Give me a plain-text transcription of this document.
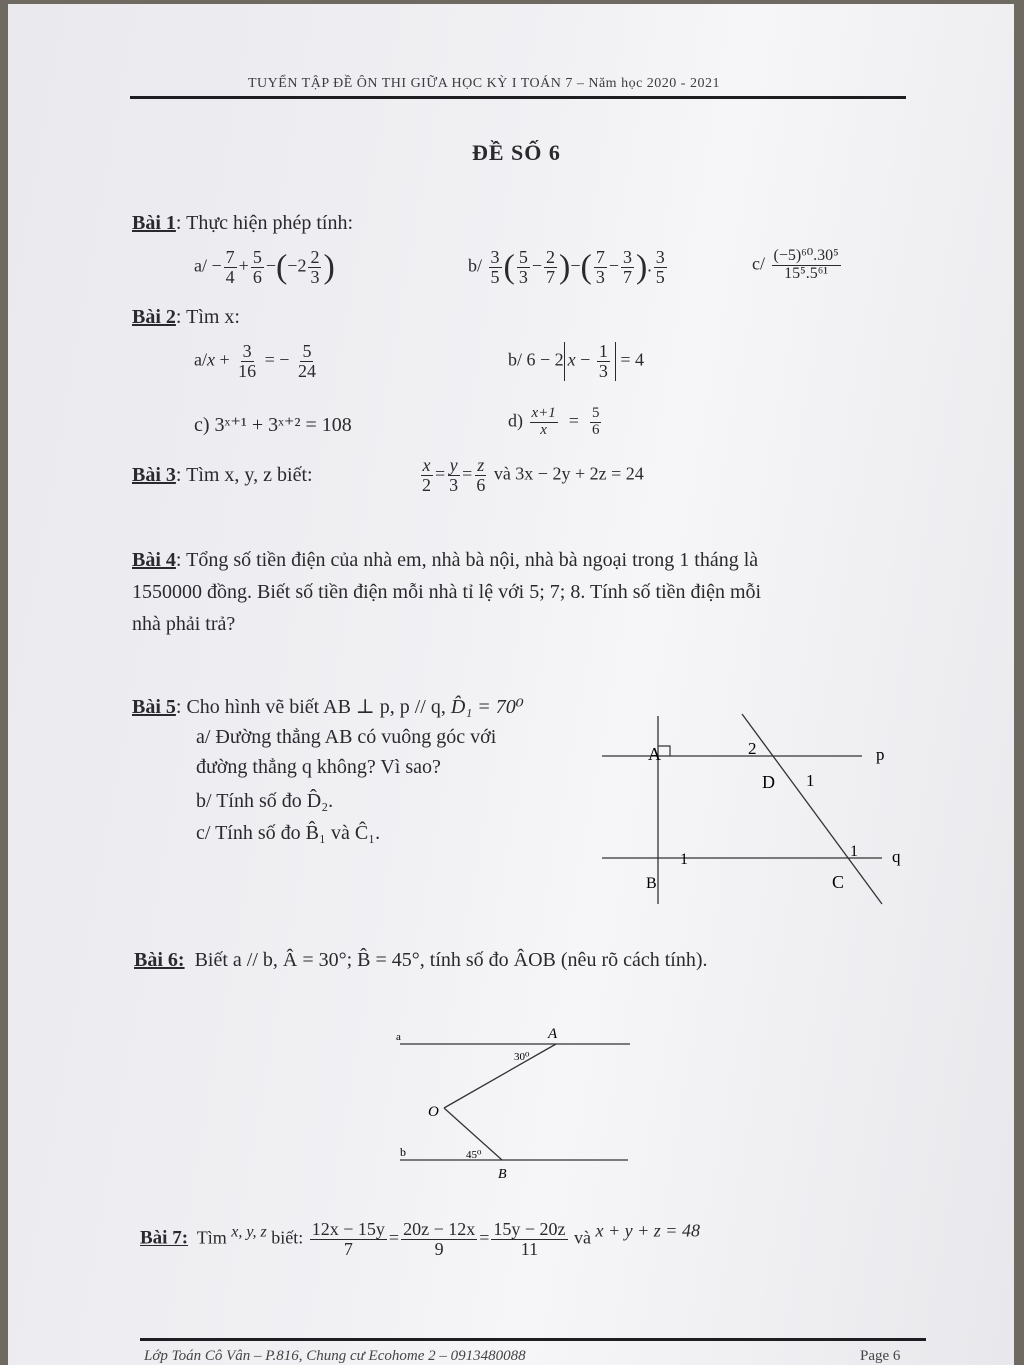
TUYỂN TẬP ĐỀ ÔN THI GIỮA HỌC KỲ I TOÁN 7 – Năm học 2020 - 2021
ĐỀ SỐ 6
Bài 1: Thực hiện phép tính:
$a/ - \frac{7}{4} + \frac{5}{6} -(-2 \frac{2}{3}$ )	$b/ \frac{3}{5}$ ( $\frac{5}{3} - \frac{2}{7}$ )−( $\frac{7}{3} - \frac{3}{7}$ ). $\frac{3}{5}$	$c/ \frac{\text{(−5)⁶⁰.30⁵}}{\text{15⁵.5⁶¹}}$
Bài 2: Tìm x:
$a/x + \frac{3}{16}$ = − $\frac{5}{24}$	b/ 6 − 2 $x - \frac{1}{3} = 4$
c) 3ˣ⁺¹ + 3ˣ⁺² = 108	$d) \frac{x+1}{x} = \frac{5}{6}$
Bài 3: Tìm x, y, z biết:	$\frac{x}{2} = \frac{y}{3} = \frac{z}{6}$ và 3x − 2y + 2z = 24
Bài 4: Tổng số tiền điện của nhà em, nhà bà nội, nhà bà ngoại trong 1 tháng là
1550000 đồng. Biết số tiền điện mỗi nhà tỉ lệ với 5; 7; 8. Tính số tiền điện mỗi
nhà phải trả?
Bài 5: Cho hình vẽ biết AB ⊥ p, p // q, D̂₁ = 70⁰
a/ Đường thẳng AB có vuông góc với
đường thẳng q không? Vì sao?
b/ Tính số đo D̂₂.
c/ Tính số đo B̂₁ và Ĉ₁.
A
B	C
D
p
q
2
1
1	1
Bài 6: Biết a // b, Â = 30°; B̂ = 45°, tính số đo ÂOB (nêu rõ cách tính).
a
b
A
B
O
30⁰
45⁰
Bài 7: Tìm x, y, z biết: $\frac{12x - 15y}{7} = \frac{20z - 12x}{9} = \frac{15y - 20z}{11}$ và x + y + z = 48
Lớp Toán Cô Vân – P.816, Chung cư Ecohome 2 – 0913480088	Page 6
